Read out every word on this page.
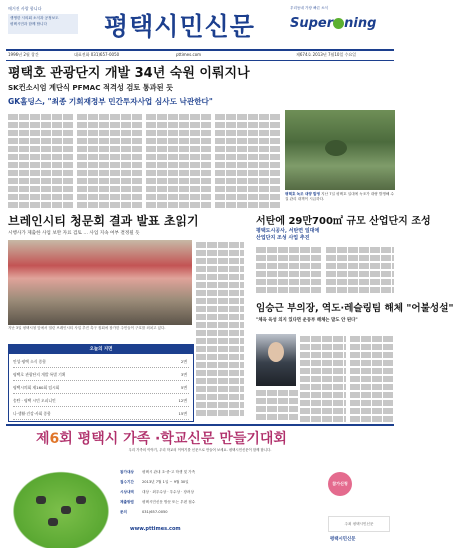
매거진 사랑 합니다
생생한 시의회 소식과 공정보도
평택시민과 함께 합니다	평택시민신문
우리동네 가장 빠른 소식
Super ning
1996년 2월 창간	대표전화 031)657-0050	pttimes.com	제674호 2013년 7월10일 수요일
평택호 관광단지 개발 34년 숙원 이뤄지나
SK컨소시엄 계단식 PFMAC 적격성 검토 통과된 듯
GK홀딩스, "최종 기회재정부 민간투자사업 심사도 낙관한다"
평택호 녹조 대량 발생 지난 7일 평택호 일대에 녹조가 대량 발생해 수질 관리 대책이 시급하다.
브레인시티 청문회 결과 발표 초읽기
시행사가 제출한 사업 보완 자료 검토 … 사업 지속 여부 결정될 듯
지난 3일 평택시청 앞에서 열린 브레인시티 사업 추진 촉구 집회에 참가한 주민들이 구호를 외치고 있다.
오늘의 지면
안성·평택 소식 종합	2면
평택호 관광단지 개발 특별 기획	3면
평택시의회 제160회 임시회	5면
송탄 · 평택 시민 오피니언	12면
나·생활·건강·사회 종합	15면
서탄에 29만700㎡ 규모 산업단지 조성
평택도시공사, 서탄면 일대에
산업단지 조성 사업 추진
임승근 부의장, 역도·레슬링팀 해체 "어불성설"
"체육 육성 의지 있다면 운동부 해체는 말도 안 된다"
제6회 평택시 가족 ·학교신문 만들기대회
우리 가족의 이야기, 우리 학교의 이야기를 신문으로 만들어 보세요. 평택시민신문이 함께 합니다.
참가대상 평택시 관내 초·중·고 학생 및 가족
접수기간 2013년 7월 1일 ~ 9월 30일
시상내역 대상 · 최우수상 · 우수상 · 장려상
제출방법 평택시민신문 방문 또는 우편 접수
문의	031)657-0050
www.pttimes.com
참가신청
주최 평택시민신문
평택시민신문
